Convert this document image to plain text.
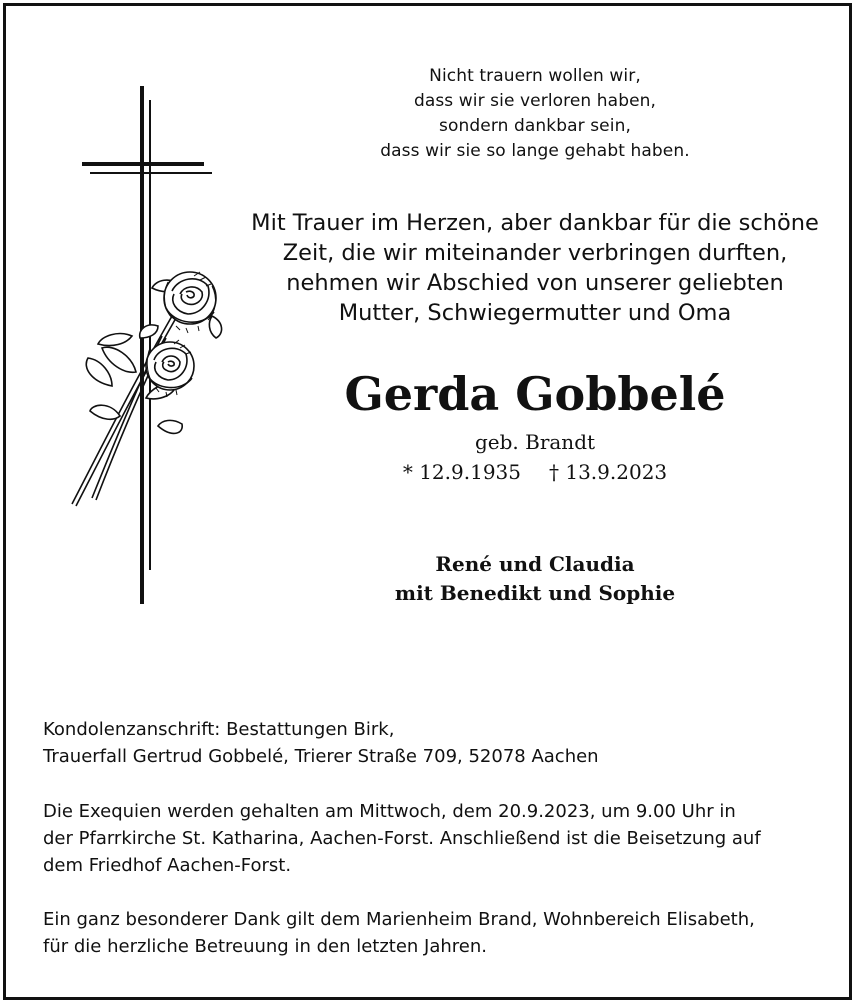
Nicht trauern wollen wir,
dass wir sie verloren haben,
sondern dankbar sein,
dass wir sie so lange gehabt haben.
Mit Trauer im Herzen, aber dankbar für die schöne
Zeit, die wir miteinander verbringen durften,
nehmen wir Abschied von unserer geliebten
Mutter, Schwiegermutter und Oma
Gerda Gobbelé
geb. Brandt
* 12.9.1935 † 13.9.2023
René und Claudia
mit Benedikt und Sophie
Kondolenzanschrift: Bestattungen Birk,
Trauerfall Gertrud Gobbelé, Trierer Straße 709, 52078 Aachen
Die Exequien werden gehalten am Mittwoch, dem 20.9.2023, um 9.00 Uhr in
der Pfarrkirche St. Katharina, Aachen-Forst. Anschließend ist die Beisetzung auf
dem Friedhof Aachen-Forst.
Ein ganz besonderer Dank gilt dem Marienheim Brand, Wohnbereich Elisabeth,
für die herzliche Betreuung in den letzten Jahren.
